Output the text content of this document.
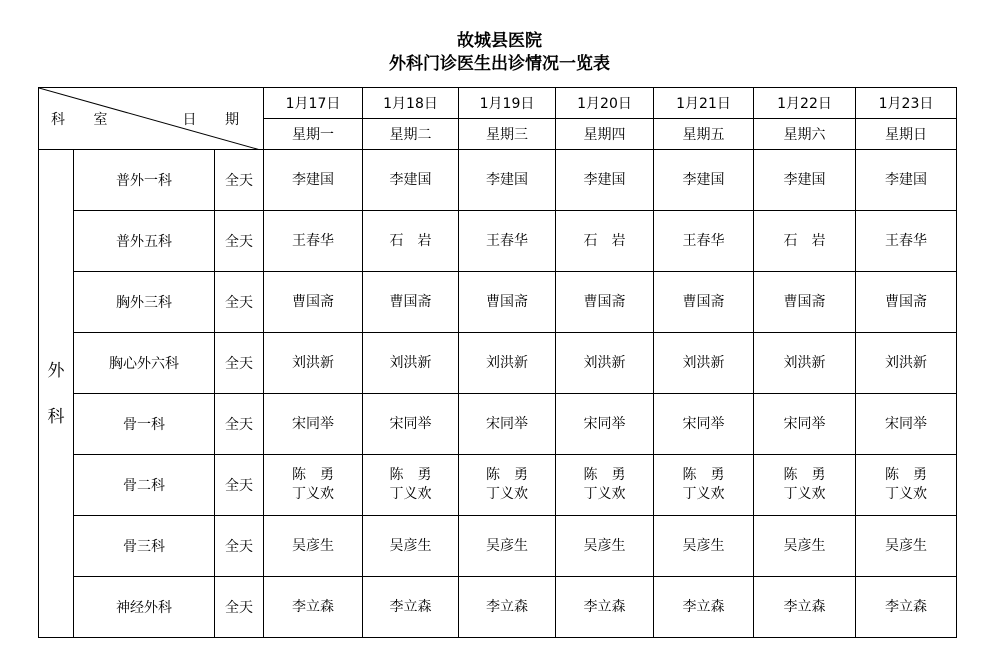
故城县医院
外科门诊医生出诊情况一览表
科 室 日 期			1月17日	1月18日	1月19日	1月20日	1月21日	1月22日	1月23日
			星期一	星期二	星期三	星期四	星期五	星期六	星期日

外
科	普外一科	全天	李建国	李建国	李建国	李建国	李建国	李建国	李建国

	普外五科	全天	王春华	石　岩	王春华	石　岩	王春华	石　岩	王春华

	胸外三科	全天	曹国斋	曹国斋	曹国斋	曹国斋	曹国斋	曹国斋	曹国斋

	胸心外六科	全天	刘洪新	刘洪新	刘洪新	刘洪新	刘洪新	刘洪新	刘洪新

	骨一科	全天	宋同举	宋同举	宋同举	宋同举	宋同举	宋同举	宋同举

	骨二科	全天	陈　勇
丁义欢	陈　勇
丁义欢	陈　勇
丁义欢	陈　勇
丁义欢	陈　勇
丁义欢	陈　勇
丁义欢	陈　勇
丁义欢

	骨三科	全天	吴彦生	吴彦生	吴彦生	吴彦生	吴彦生	吴彦生	吴彦生

	神经外科	全天	李立森	李立森	李立森	李立森	李立森	李立森	李立森
